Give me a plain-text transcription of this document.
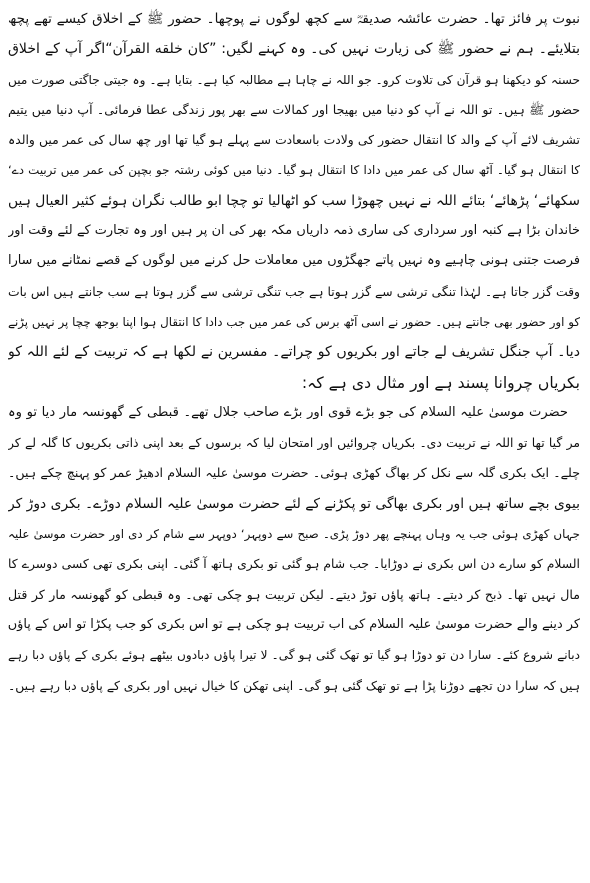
نبوت پر فائز تھا۔ حضرت عائشہ صدیقہؓ سے کچھ لوگوں نے پوچھا۔ حضور ﷺ کے اخلاق کیسے تھے پچھ
بتلایئے۔ ہم نے حضور ﷺ کی زیارت نہیں کی۔ وہ کہنے لگیں: ”کان خلقه القرآن“اگر آپ کے اخلاق
حسنہ کو دیکھنا ہو قرآن کی تلاوت کرو۔ جو اللہ نے چاہا ہے مطالبہ کیا ہے۔ بتایا ہے۔ وہ جیتی جاگتی صورت میں
حضور ﷺ ہیں۔ تو اللہ نے آپ کو دنیا میں بھیجا اور کمالات سے بھر پور زندگی عطا فرمائی۔ آپ دنیا میں یتیم
تشریف لائے آپ کے والد کا انتقال حضور کی ولادت باسعادت سے پہلے ہو گیا تھا اور چھ سال کی عمر میں والدہ
کا انتقال ہو گیا۔ آٹھ سال کی عمر میں دادا کا انتقال ہو گیا۔ دنیا میں کوئی رشتہ جو بچپن کی عمر میں تربیت دے‘
سکھائے‘ پڑھائے‘ بتائے اللہ نے نہیں چھوڑا سب کو اٹھالیا تو چچا ابو طالب نگران ہوئے کثیر العیال ہیں
خاندان بڑا ہے کنبہ اور سرداری کی ساری ذمہ داریاں مکہ بھر کی ان پر ہیں اور وہ تجارت کے لئے وقت اور
فرصت جتنی ہونی چاہیے وہ نہیں پاتے جھگڑوں میں معاملات حل کرنے میں لوگوں کے قصے نمٹانے میں سارا
وقت گزر جاتا ہے۔ لہٰذا تنگی ترشی سے گزر ہوتا ہے جب تنگی ترشی سے گزر ہوتا ہے سب جانتے ہیں اس بات
کو اور حضور بھی جانتے ہیں۔ حضور نے اسی آٹھ برس کی عمر میں جب دادا کا انتقال ہوا اپنا بوجھ چچا پر نہیں پڑنے
دیا۔ آپ جنگل تشریف لے جاتے اور بکریوں کو چراتے۔ مفسرین نے لکھا ہے کہ تربیت کے لئے اللہ کو
بکریاں چروانا پسند ہے اور مثال دی ہے کہ:
حضرت موسیٰ علیہ السلام کی جو بڑے قوی اور بڑے صاحب جلال تھے۔ قبطی کے گھونسہ مار دیا تو وہ
مر گیا تھا تو اللہ نے تربیت دی۔ بکریاں چروائیں اور امتحان لیا کہ برسوں کے بعد اپنی ذاتی بکریوں کا گلہ لے کر
چلے۔ ایک بکری گلہ سے نکل کر بھاگ کھڑی ہوئی۔ حضرت موسیٰ علیہ السلام ادھیڑ عمر کو پہنچ چکے ہیں۔
بیوی بچے ساتھ ہیں اور بکری بھاگی تو پکڑنے کے لئے حضرت موسیٰ علیہ السلام دوڑے۔ بکری دوڑ کر
جہاں کھڑی ہوئی جب یہ وہاں پہنچے پھر دوڑ پڑی۔ صبح سے دوپہر‘ دوپہر سے شام کر دی اور حضرت موسیٰ علیہ
السلام کو سارے دن اس بکری نے دوڑایا۔ جب شام ہو گئی تو بکری ہاتھ آ گئی۔ اپنی بکری تھی کسی دوسرے کا
مال نہیں تھا۔ ذبح کر دیتے۔ ہاتھ پاؤں توڑ دیتے۔ لیکن تربیت ہو چکی تھی۔ وہ قبطی کو گھونسہ مار کر قتل
کر دینے والے حضرت موسیٰ علیہ السلام کی اب تربیت ہو چکی ہے تو اس بکری کو جب پکڑا تو اس کے پاؤں
دبانے شروع کئے۔ سارا دن تو دوڑا ہو گیا تو تھک گئی ہو گی۔ لا تیرا پاؤں دبادوں بیٹھے ہوئے بکری کے پاؤں دبا رہے
ہیں کہ سارا دن تجھے دوڑنا پڑا ہے تو تھک گئی ہو گی۔ اپنی تھکن کا خیال نہیں اور بکری کے پاؤں دبا رہے ہیں۔
